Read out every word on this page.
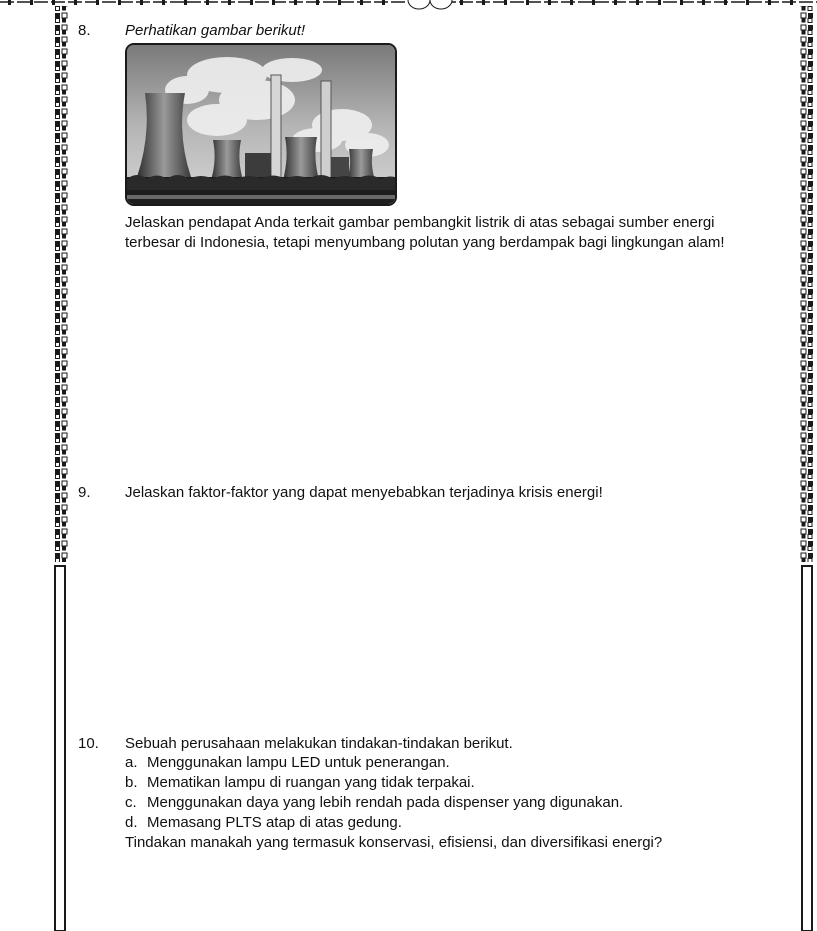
8. Perhatikan gambar berikut!
Jelaskan pendapat Anda terkait gambar pembangkit listrik di atas sebagai sumber energi
terbesar di Indonesia, tetapi menyumbang polutan yang berdampak bagi lingkungan alam!
9. Jelaskan faktor-faktor yang dapat menyebabkan terjadinya krisis energi!
10. Sebuah perusahaan melakukan tindakan-tindakan berikut.
a. Menggunakan lampu LED untuk penerangan.
b. Mematikan lampu di ruangan yang tidak terpakai.
c. Menggunakan daya yang lebih rendah pada dispenser yang digunakan.
d. Memasang PLTS atap di atas gedung.
Tindakan manakah yang termasuk konservasi, efisiensi, dan diversifikasi energi?
